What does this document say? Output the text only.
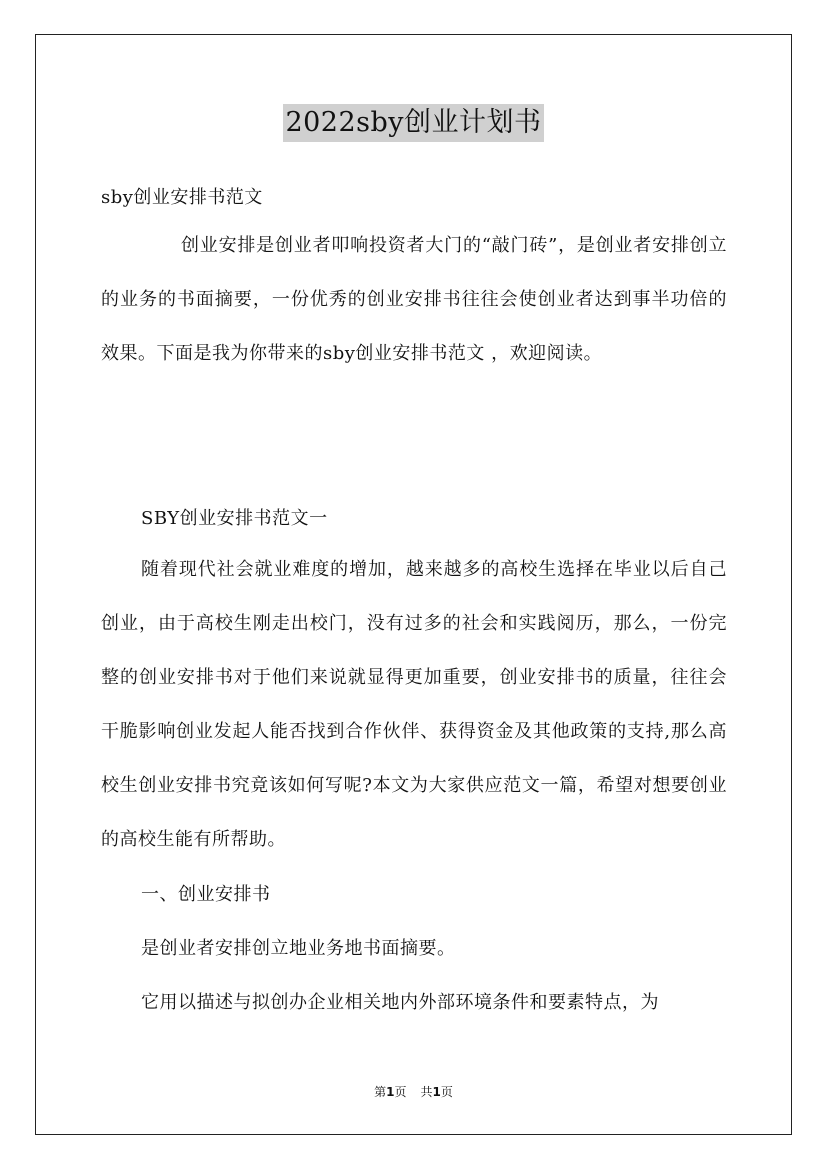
2022sby创业计划书

sby创业安排书范文

创业安排是创业者叩响投资者大门的“敲门砖”，是创业者安排创立的业务的书面摘要，一份优秀的创业安排书往往会使创业者达到事半功倍的效果。下面是我为你带来的sby创业安排书范文 ，欢迎阅读。

SBY创业安排书范文一

随着现代社会就业难度的增加，越来越多的高校生选择在毕业以后自己创业，由于高校生刚走出校门，没有过多的社会和实践阅历，那么，一份完整的创业安排书对于他们来说就显得更加重要，创业安排书的质量，往往会干脆影响创业发起人能否找到合作伙伴、获得资金及其他政策的支持,那么高校生创业安排书究竟该如何写呢?本文为大家供应范文一篇，希望对想要创业的高校生能有所帮助。

一、创业安排书

是创业者安排创立地业务地书面摘要。

它用以描述与拟创办企业相关地内外部环境条件和要素特点，为

第1页 共1页
